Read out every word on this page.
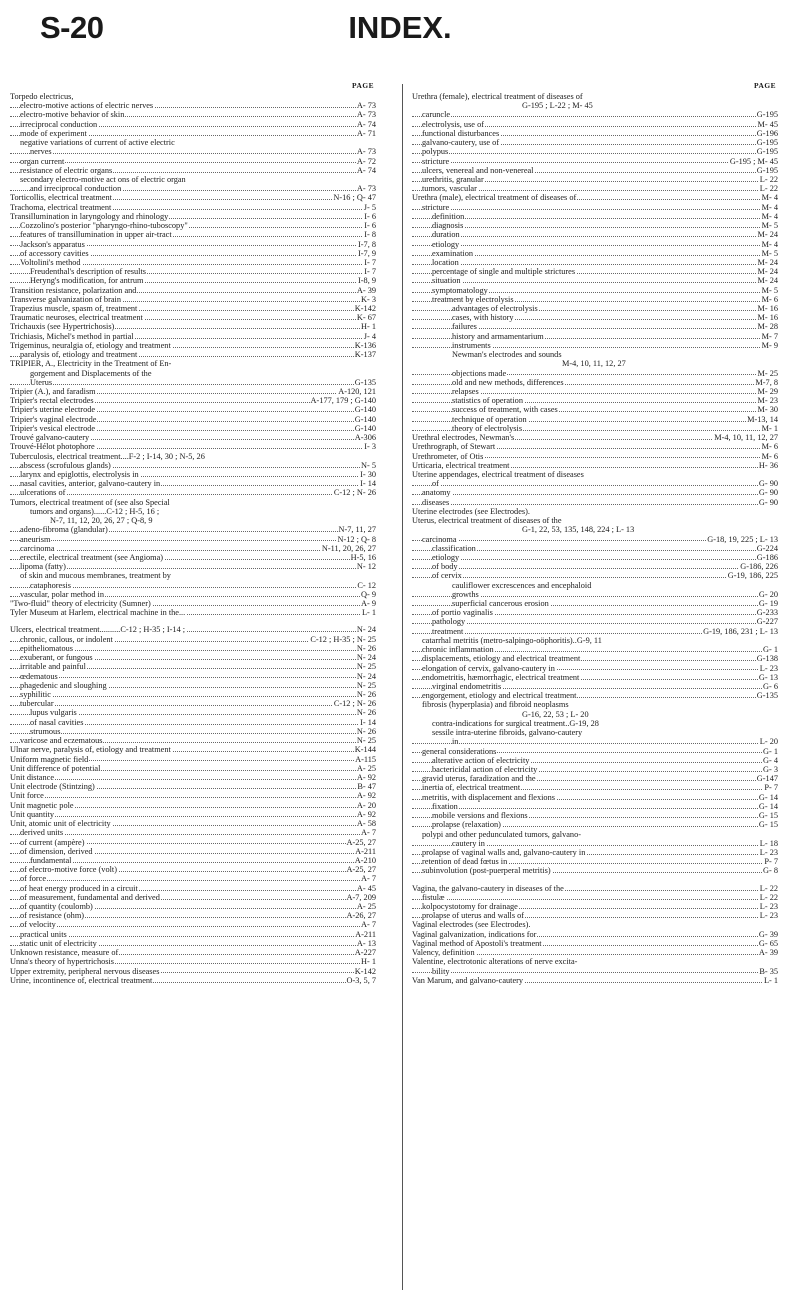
S-20	INDEX.
PAGE
Torpedo electricus,
electro-motive actions of electric nerves	A- 73
electro-motive behavior of skin	A- 73
irreciprocal conduction	A- 74
mode of experiment	A- 71
negative variations of current of active electric
nerves	A- 73
organ current	A- 72
resistance of electric organs	A- 74
secondary electro-motive act ons of electric organ
and irreciprocal conduction	A- 73
Torticollis, electrical treatment	N-16 ; Q- 47
Trachoma, electrical treatment	J- 5
Transillumination in laryngology and rhinology	I- 6
Cozzolino's posterior "pharyngo-rhino-tuboscopy"	I- 6
features of transillumination in upper air-tract	I- 8
Jackson's apparatus	I-7, 8
of accessory cavities	I-7, 9
Voltolini's method	I- 7
Freudenthal's description of results	I- 7
Heryng's modification, for antrum	I-8, 9
Transition resistance, polarization and	A- 39
Transverse galvanization of brain	K- 3
Trapezius muscle, spasm of, treatment	K-142
Traumatic neuroses, electrical treatment	K- 67
Trichauxis (see Hypertrichosis)	H- 1
Trichiasis, Michel's method in partial	J- 4
Trigeminus, neuralgia of, etiology and treatment	K-136
paralysis of, etiology and treatment	K-137
TRIPIER, A., Electricity in the Treatment of En-
gorgement and Displacements of the
Uterus	G-135
Tripier (A.), and faradism	A-120, 121
Tripier's rectal electrodes	A-177, 179 ; G-140
Tripier's uterine electrode	G-140
Tripier's vaginal electrode	G-140
Tripier's vesical electrode	G-140
Trouvé galvano-cautery	A-306
Trouvé-Hélot photophore	I- 3
Tuberculosis, electrical treatment....F-2 ; I-14, 30 ; N-5, 26
abscess (scrofulous glands)	N- 5
larynx and epiglottis, electrolysis in	I- 30
nasal cavities, anterior, galvano-cautery in	I- 14
ulcerations of	C-12 ; N- 26
Tumors, electrical treatment of (see also Special
tumors and organs)......C-12 ; H-5, 16 ;
N-7, 11, 12, 20, 26, 27 ; Q-8, 9
adeno-fibroma (glandular)	N-7, 11, 27
aneurism	N-12 ; Q- 8
carcinoma	N-11, 20, 26, 27
erectile, electrical treatment (see Angioma)	H-5, 16
lipoma (fatty)	N- 12
of skin and mucous membranes, treatment by
cataphoresis	C- 12
vascular, polar method in	Q- 9
"Two-fluid" theory of electricity (Sumner)	A- 9
Tyler Museum at Harlem, electrical machine in the...	L- 1
Ulcers, electrical treatment..........C-12 ; H-35 ; I-14 ;	N- 24
chronic, callous, or indolent	C-12 ; H-35 ; N- 25
epitheliomatous	N- 26
exuberant, or fungous	N- 24
irritable and painful	N- 25
œdematous	N- 24
phagedenic and sloughing	N- 25
syphilitic	N- 26
tubercular	C-12 ; N- 26
lupus vulgaris	N- 26
of nasal cavities	I- 14
strumous	N- 26
varicose and eczematous	N- 25
Ulnar nerve, paralysis of, etiology and treatment	K-144
Uniform magnetic field	A-115
Unit difference of potential	A- 25
Unit distance	A- 92
Unit electrode (Stintzing)	B- 47
Unit force	A- 92
Unit magnetic pole	A- 20
Unit quantity	A- 92
Unit, atomic unit of electricity	A- 58
derived units	A- 7
of current (ampère)	A-25, 27
of dimension, derived	A-211
fundamental	A-210
of electro-motive force (volt)	A-25, 27
of force	A- 7
of heat energy produced in a circuit	A- 45
of measurement, fundamental and derived	A-7, 209
of quantity (coulomb)	A- 25
of resistance (ohm)	A-26, 27
of velocity	A- 7
practical units	A-211
static unit of electricity	A- 13
Unknown resistance, measure of	A-227
Unna's theory of hypertrichosis	H- 1
Upper extremity, peripheral nervous diseases	K-142
Urine, incontinence of, electrical treatment	O-3, 5, 7
PAGE
Urethra (female), electrical treatment of diseases of
G-195 ; L-22 ; M- 45
caruncle	G-195
electrolysis, use of	M- 45
functional disturbances	G-196
galvano-cautery, use of	G-195
polypus	G-195
stricture	G-195 ; M- 45
ulcers, venereal and non-venereal	G-195
urethritis, granular	L- 22
tumors, vascular	L- 22
Urethra (male), electrical treatment of diseases of	M- 4
stricture	M- 4
definition	M- 4
diagnosis	M- 5
duration	M- 24
etiology	M- 4
examination	M- 5
location	M- 24
percentage of single and multiple strictures	M- 24
situation	M- 24
symptomatology	M- 5
treatment by electrolysis	M- 6
advantages of electrolysis	M- 16
cases, with history	M- 16
failures	M- 28
history and armamentarium	M- 7
instruments	M- 9
Newman's electrodes and sounds
M-4, 10, 11, 12, 27
objections made	M- 25
old and new methods, differences	M-7, 8
relapses	M- 29
statistics of operation	M- 23
success of treatment, with cases	M- 30
technique of operation	M-13, 14
theory of electrolysis	M- 1
Urethral electrodes, Newman's	M-4, 10, 11, 12, 27
Urethrograph, of Stewart	M- 6
Urethrometer, of Otis	M- 6
Urticaria, electrical treatment	H- 36
Uterine appendages, electrical treatment of diseases
of	G- 90
anatomy	G- 90
diseases	G- 90
Uterine electrodes (see Electrodes).
Uterus, electrical treatment of diseases of the
G-1, 22, 53, 135, 148, 224 ; L- 13
carcinoma	G-18, 19, 225 ; L- 13
classification	G-224
etiology	G-186
of body	G-186, 226
of cervix	G-19, 186, 225
cauliflower excrescences and encephaloid
growths	G- 20
superficial cancerous erosion	G- 19
of portio vaginalis	G-233
pathology	G-227
treatment	G-19, 186, 231 ; L- 13
catarrhal metritis (metro-salpingo-oöphoritis)..G-9, 11
chronic inflammation	G- 1
displacements, etiology and electrical treatment	G-138
elongation of cervix, galvano-cautery in	L- 23
endometritis, hæmorrhagic, electrical treatment	G- 13
virginal endometritis	G- 6
engorgement, etiology and electrical treatment	G-135
fibrosis (hyperplasia) and fibroid neoplasms
G-16, 22, 53 ; L- 20
contra-indications for surgical treatment..G-19, 28
sessile intra-uterine fibroids, galvano-cautery
in	L- 20
general considerations	G- 1
alterative action of electricity	G- 4
bactericidal action of electricity	G- 3
gravid uterus, faradization and the	G-147
inertia of, electrical treatment	P- 7
metritis, with displacement and flexions	G- 14
fixation	G- 14
mobile versions and flexions	G- 15
prolapse (relaxation)	G- 15
polypi and other pedunculated tumors, galvano-
cautery in	L- 18
prolapse of vaginal walls and, galvano-cautery in	L- 23
retention of dead fœtus in	P- 7
subinvolution (post-puerperal metritis)	G- 8
Vagina, the galvano-cautery in diseases of the	L- 22
fistulæ	L- 22
kolpocystotomy for drainage	L- 23
prolapse of uterus and walls of	L- 23
Vaginal electrodes (see Electrodes).
Vaginal galvanization, indications for	G- 39
Vaginal method of Apostoli's treatment	G- 65
Valency, definition	A- 39
Valentine, electrotonic alterations of nerve excita-
bility	B- 35
Van Marum, and galvano-cautery	L- 1
